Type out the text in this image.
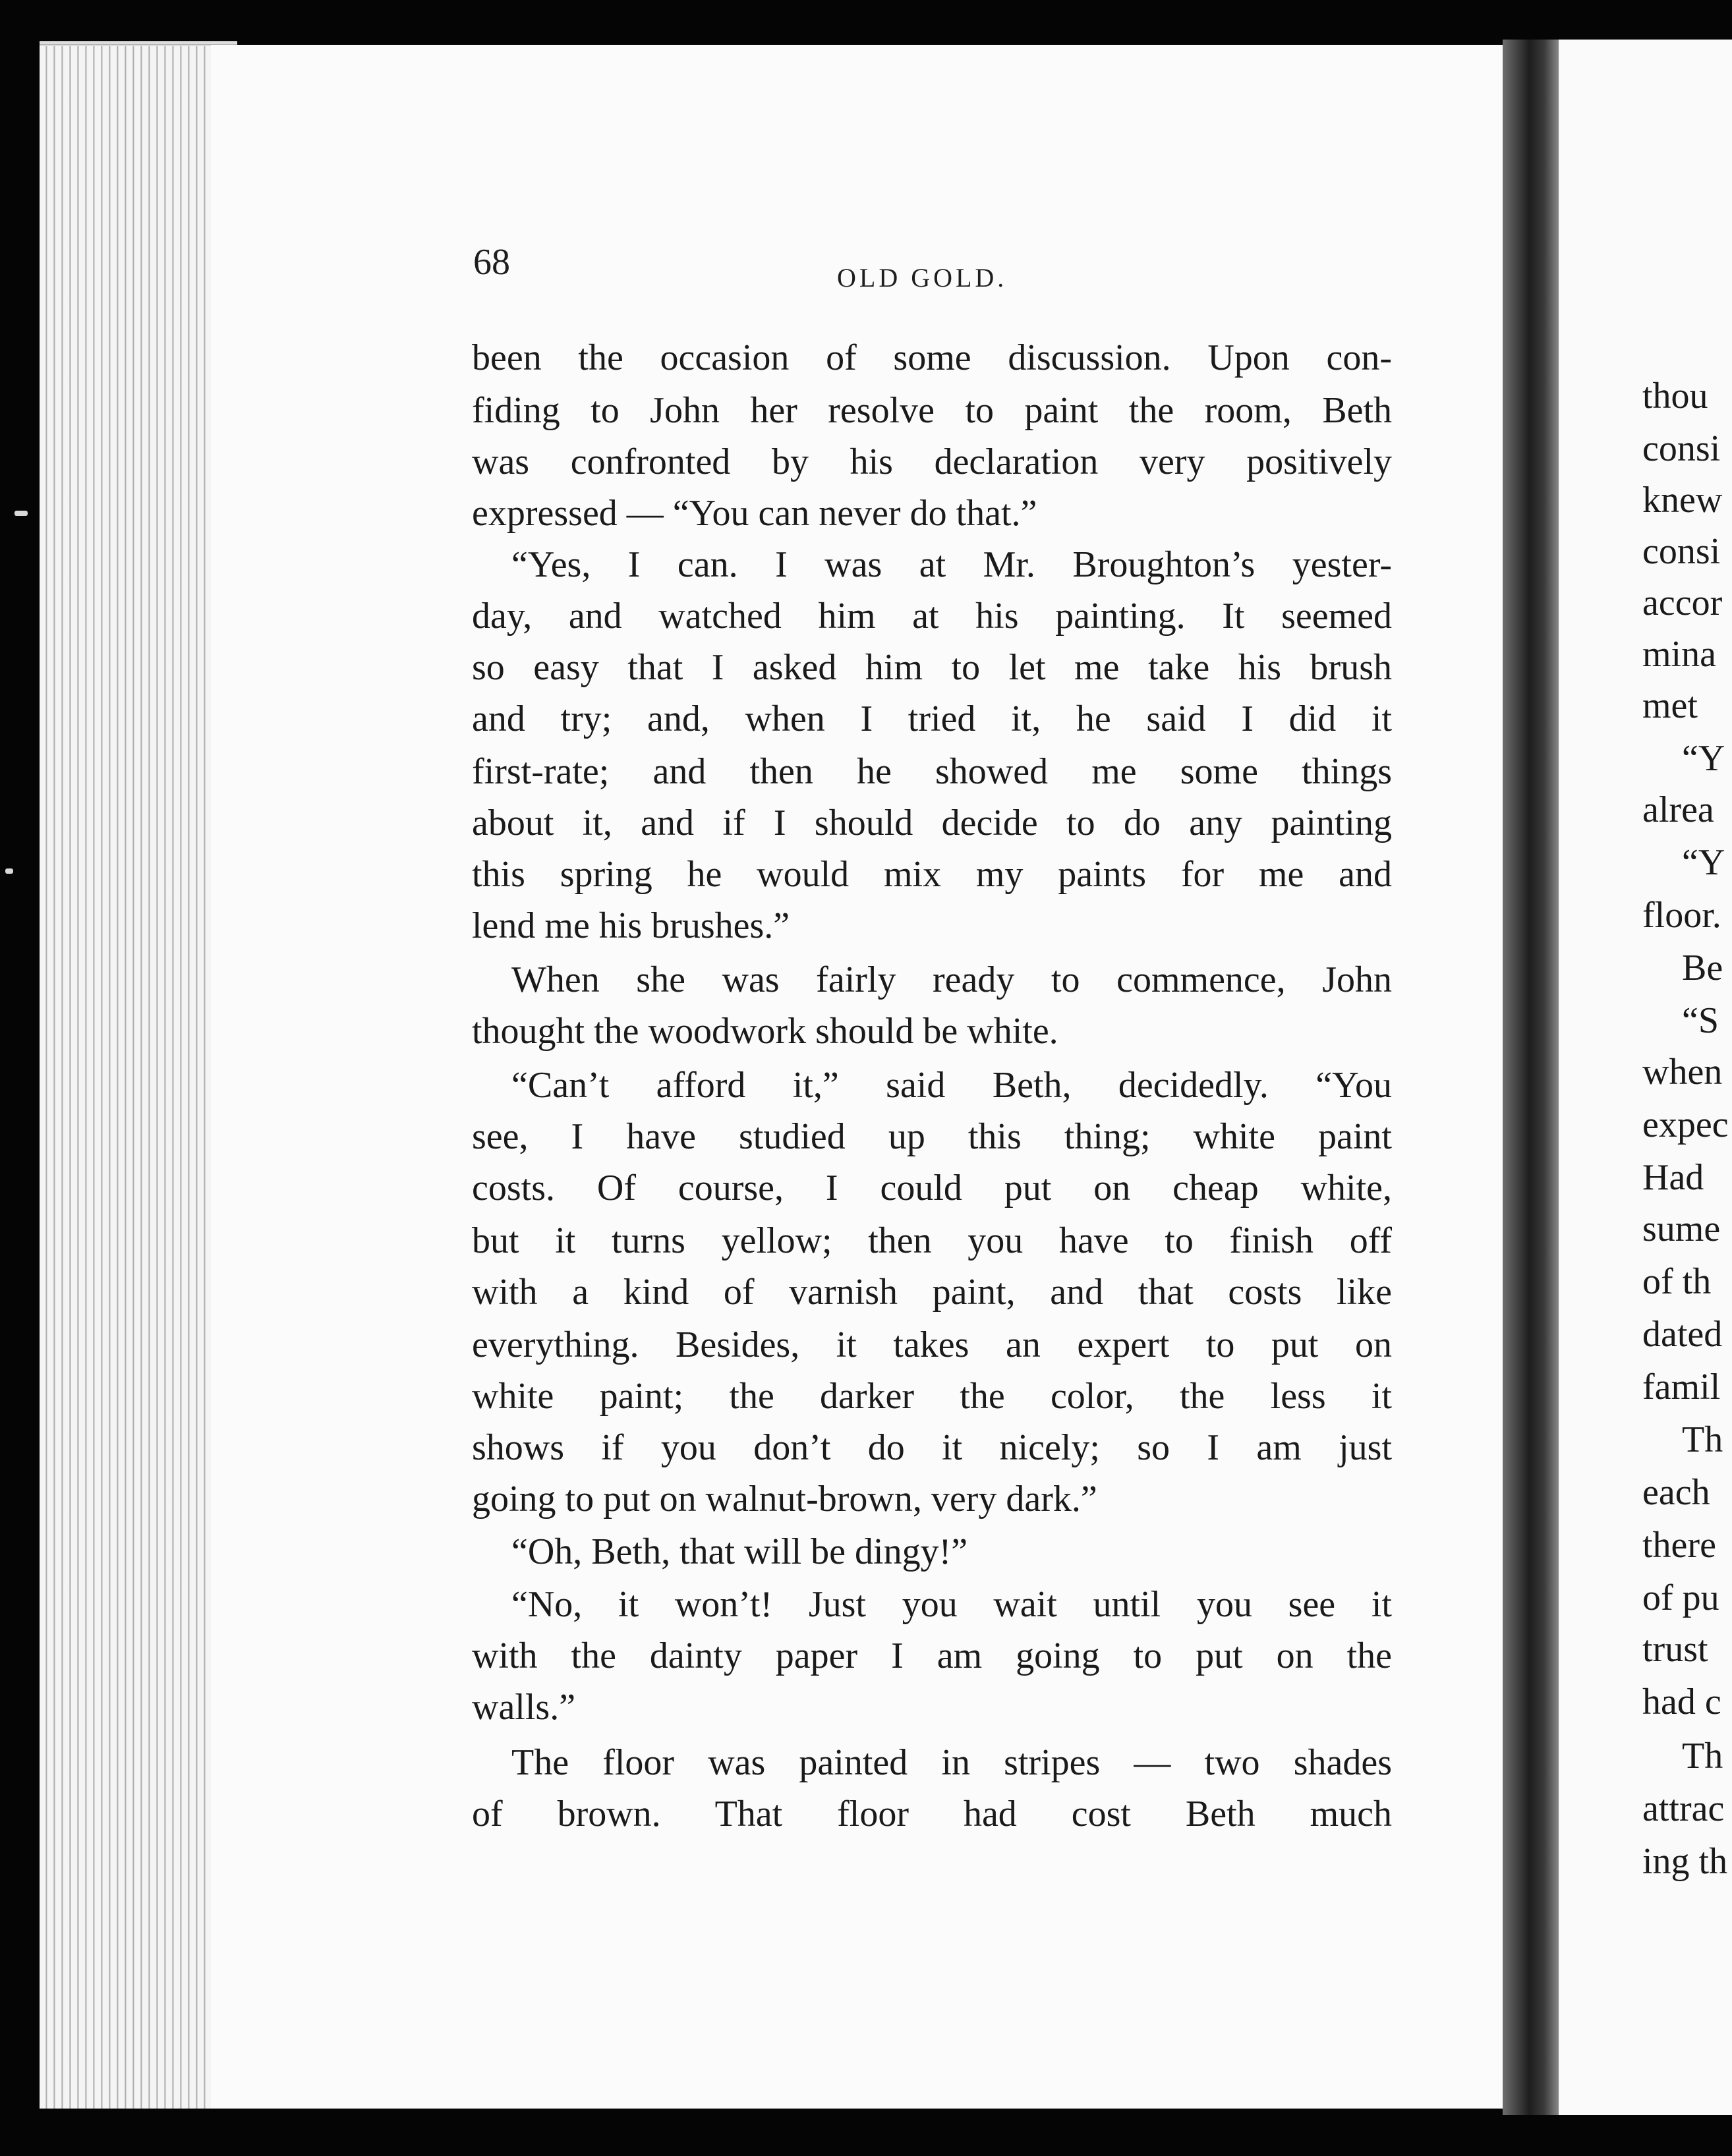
68	OLD GOLD.
been the occasion of some discussion. Upon con-
fiding to John her resolve to paint the room, Beth
was confronted by his declaration very positively
expressed — “You can never do that.”
“Yes, I can. I was at Mr. Broughton’s yester-
day, and watched him at his painting. It seemed
so easy that I asked him to let me take his brush
and try; and, when I tried it, he said I did it
first-rate; and then he showed me some things
about it, and if I should decide to do any painting
this spring he would mix my paints for me and
lend me his brushes.”
When she was fairly ready to commence, John
thought the woodwork should be white.
“Can’t afford it,” said Beth, decidedly. “You
see, I have studied up this thing; white paint
costs. Of course, I could put on cheap white,
but it turns yellow; then you have to finish off
with a kind of varnish paint, and that costs like
everything. Besides, it takes an expert to put on
white paint; the darker the color, the less it
shows if you don’t do it nicely; so I am just
going to put on walnut-brown, very dark.”
“Oh, Beth, that will be dingy!”
“No, it won’t! Just you wait until you see it
with the dainty paper I am going to put on the
walls.”
The floor was painted in stripes — two shades
of brown. That floor had cost Beth much
thou
consi
knew
consi
accor
mina
met
“Y
alrea
“Y
floor.
Be
“S
when
expec
Had
sume
of th
dated
famil
Th
each
there
of pu
trust
had c
Th
attrac
ing th
